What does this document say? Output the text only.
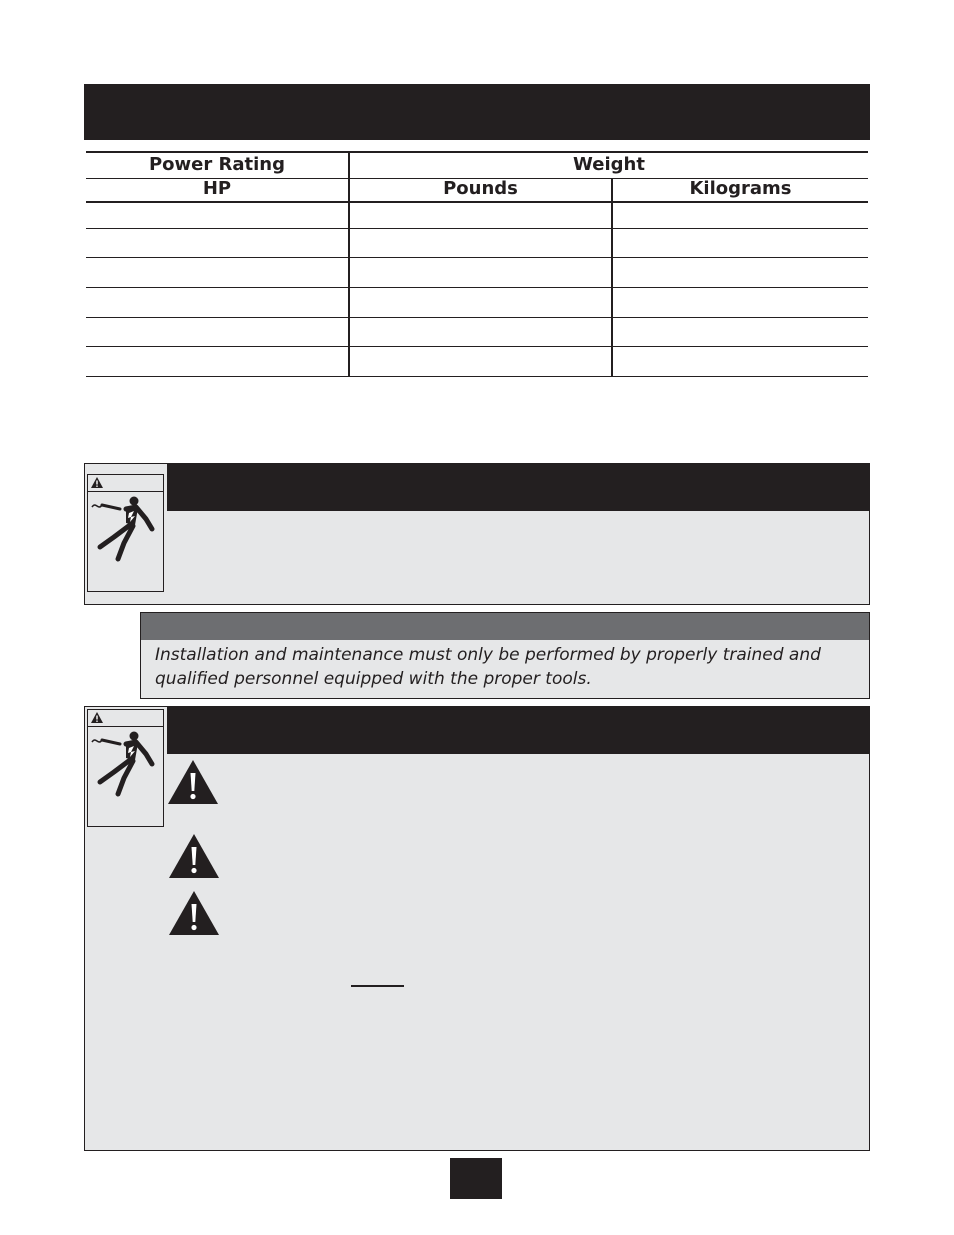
Power Rating	Weight
HP	Pounds	Kilograms
Installation and maintenance must only be performed by properly trained and
qualified personnel equipped with the proper tools.
